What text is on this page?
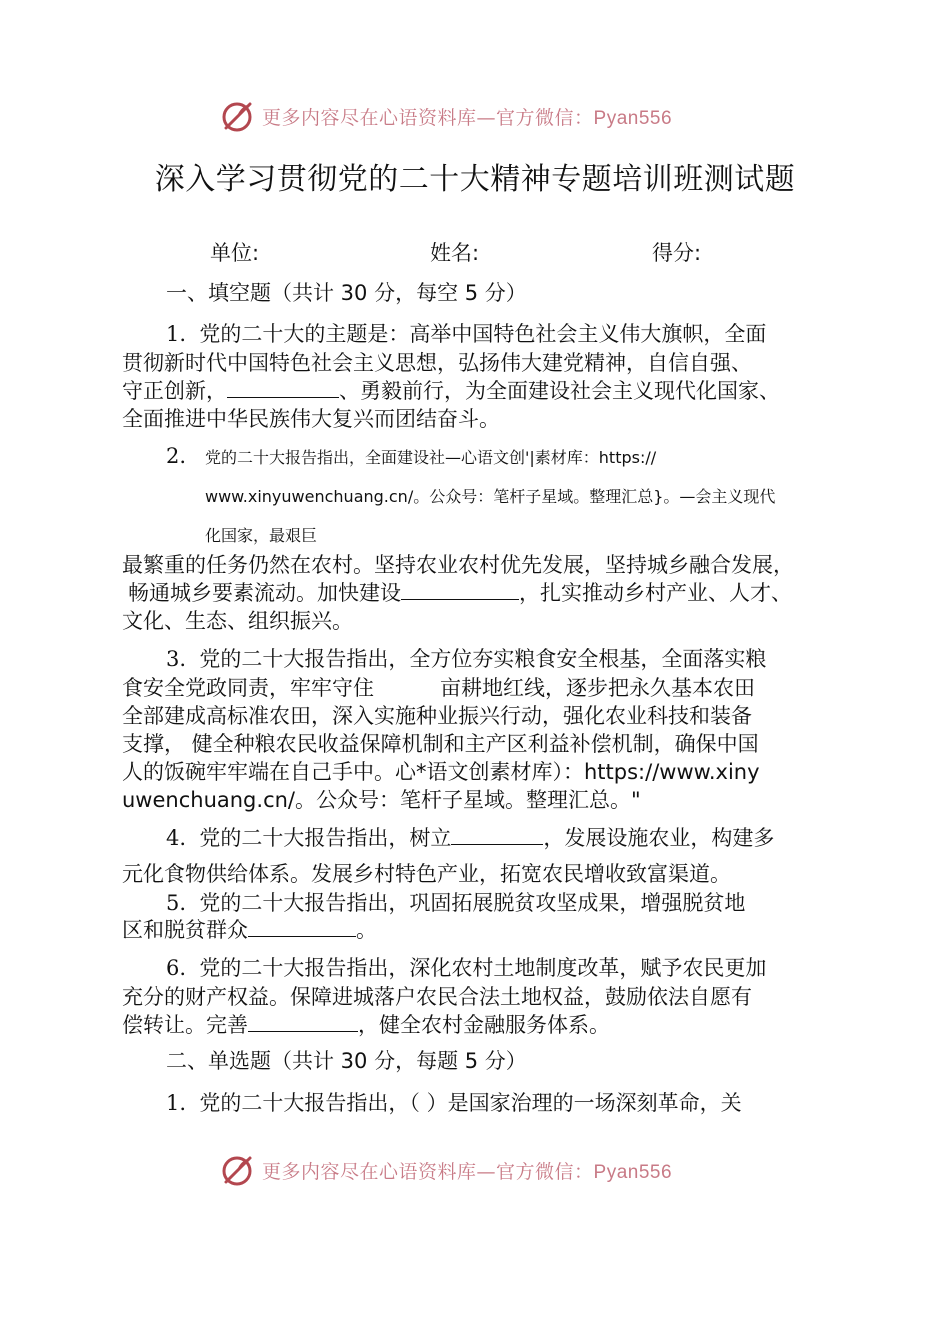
更多内容尽在心语资料库—官方微信：Pyan556
深入学习贯彻党的二十大精神专题培训班测试题
单位:	姓名:	得分:
一、填空题（共计 30 分，每空 5 分）
1. 党的二十大的主题是：高举中国特色社会主义伟大旗帜，全面
贯彻新时代中国特色社会主义思想，弘扬伟大建党精神，自信自强、
守正创新，	、勇毅前行，为全面建设社会主义现代化国家、
全面推进中华民族伟大复兴而团结奋斗。
2. 党的二十大报告指出，全面建设社—心语文创'|素材库：https://
www.xinyuwenchuang.cn/。公众号：笔杆子星域。整理汇总}。—会主义现代
化国家，最艰巨
最繁重的任务仍然在农村。坚持农业农村优先发展，坚持城乡融合发展，
畅通城乡要素流动。加快建设	，扎实推动乡村产业、人才、
文化、生态、组织振兴。
3. 党的二十大报告指出，全方位夯实粮食安全根基，全面落实粮
食安全党政同责，牢牢守住	亩耕地红线，逐步把永久基本农田
全部建成高标准农田，深入实施种业振兴行动，强化农业科技和装备
支撑， 健全种粮农民收益保障机制和主产区利益补偿机制，确保中国
人的饭碗牢牢端在自己手中。心*语文创素材库）：https://www.xiny
uwenchuang.cn/。公众号：笔杆子星域。整理汇总。"
4. 党的二十大报告指出，树立	，发展设施农业，构建多
元化食物供给体系。发展乡村特色产业，拓宽农民增收致富渠道。
5. 党的二十大报告指出，巩固拓展脱贫攻坚成果，增强脱贫地
区和脱贫群众	。
6. 党的二十大报告指出，深化农村土地制度改革，赋予农民更加
充分的财产权益。保障进城落户农民合法土地权益，鼓励依法自愿有
偿转让。完善	，健全农村金融服务体系。
二、单选题（共计 30 分，每题 5 分）
1. 党的二十大报告指出，（ ）是国家治理的一场深刻革命，关
更多内容尽在心语资料库—官方微信：Pyan556
